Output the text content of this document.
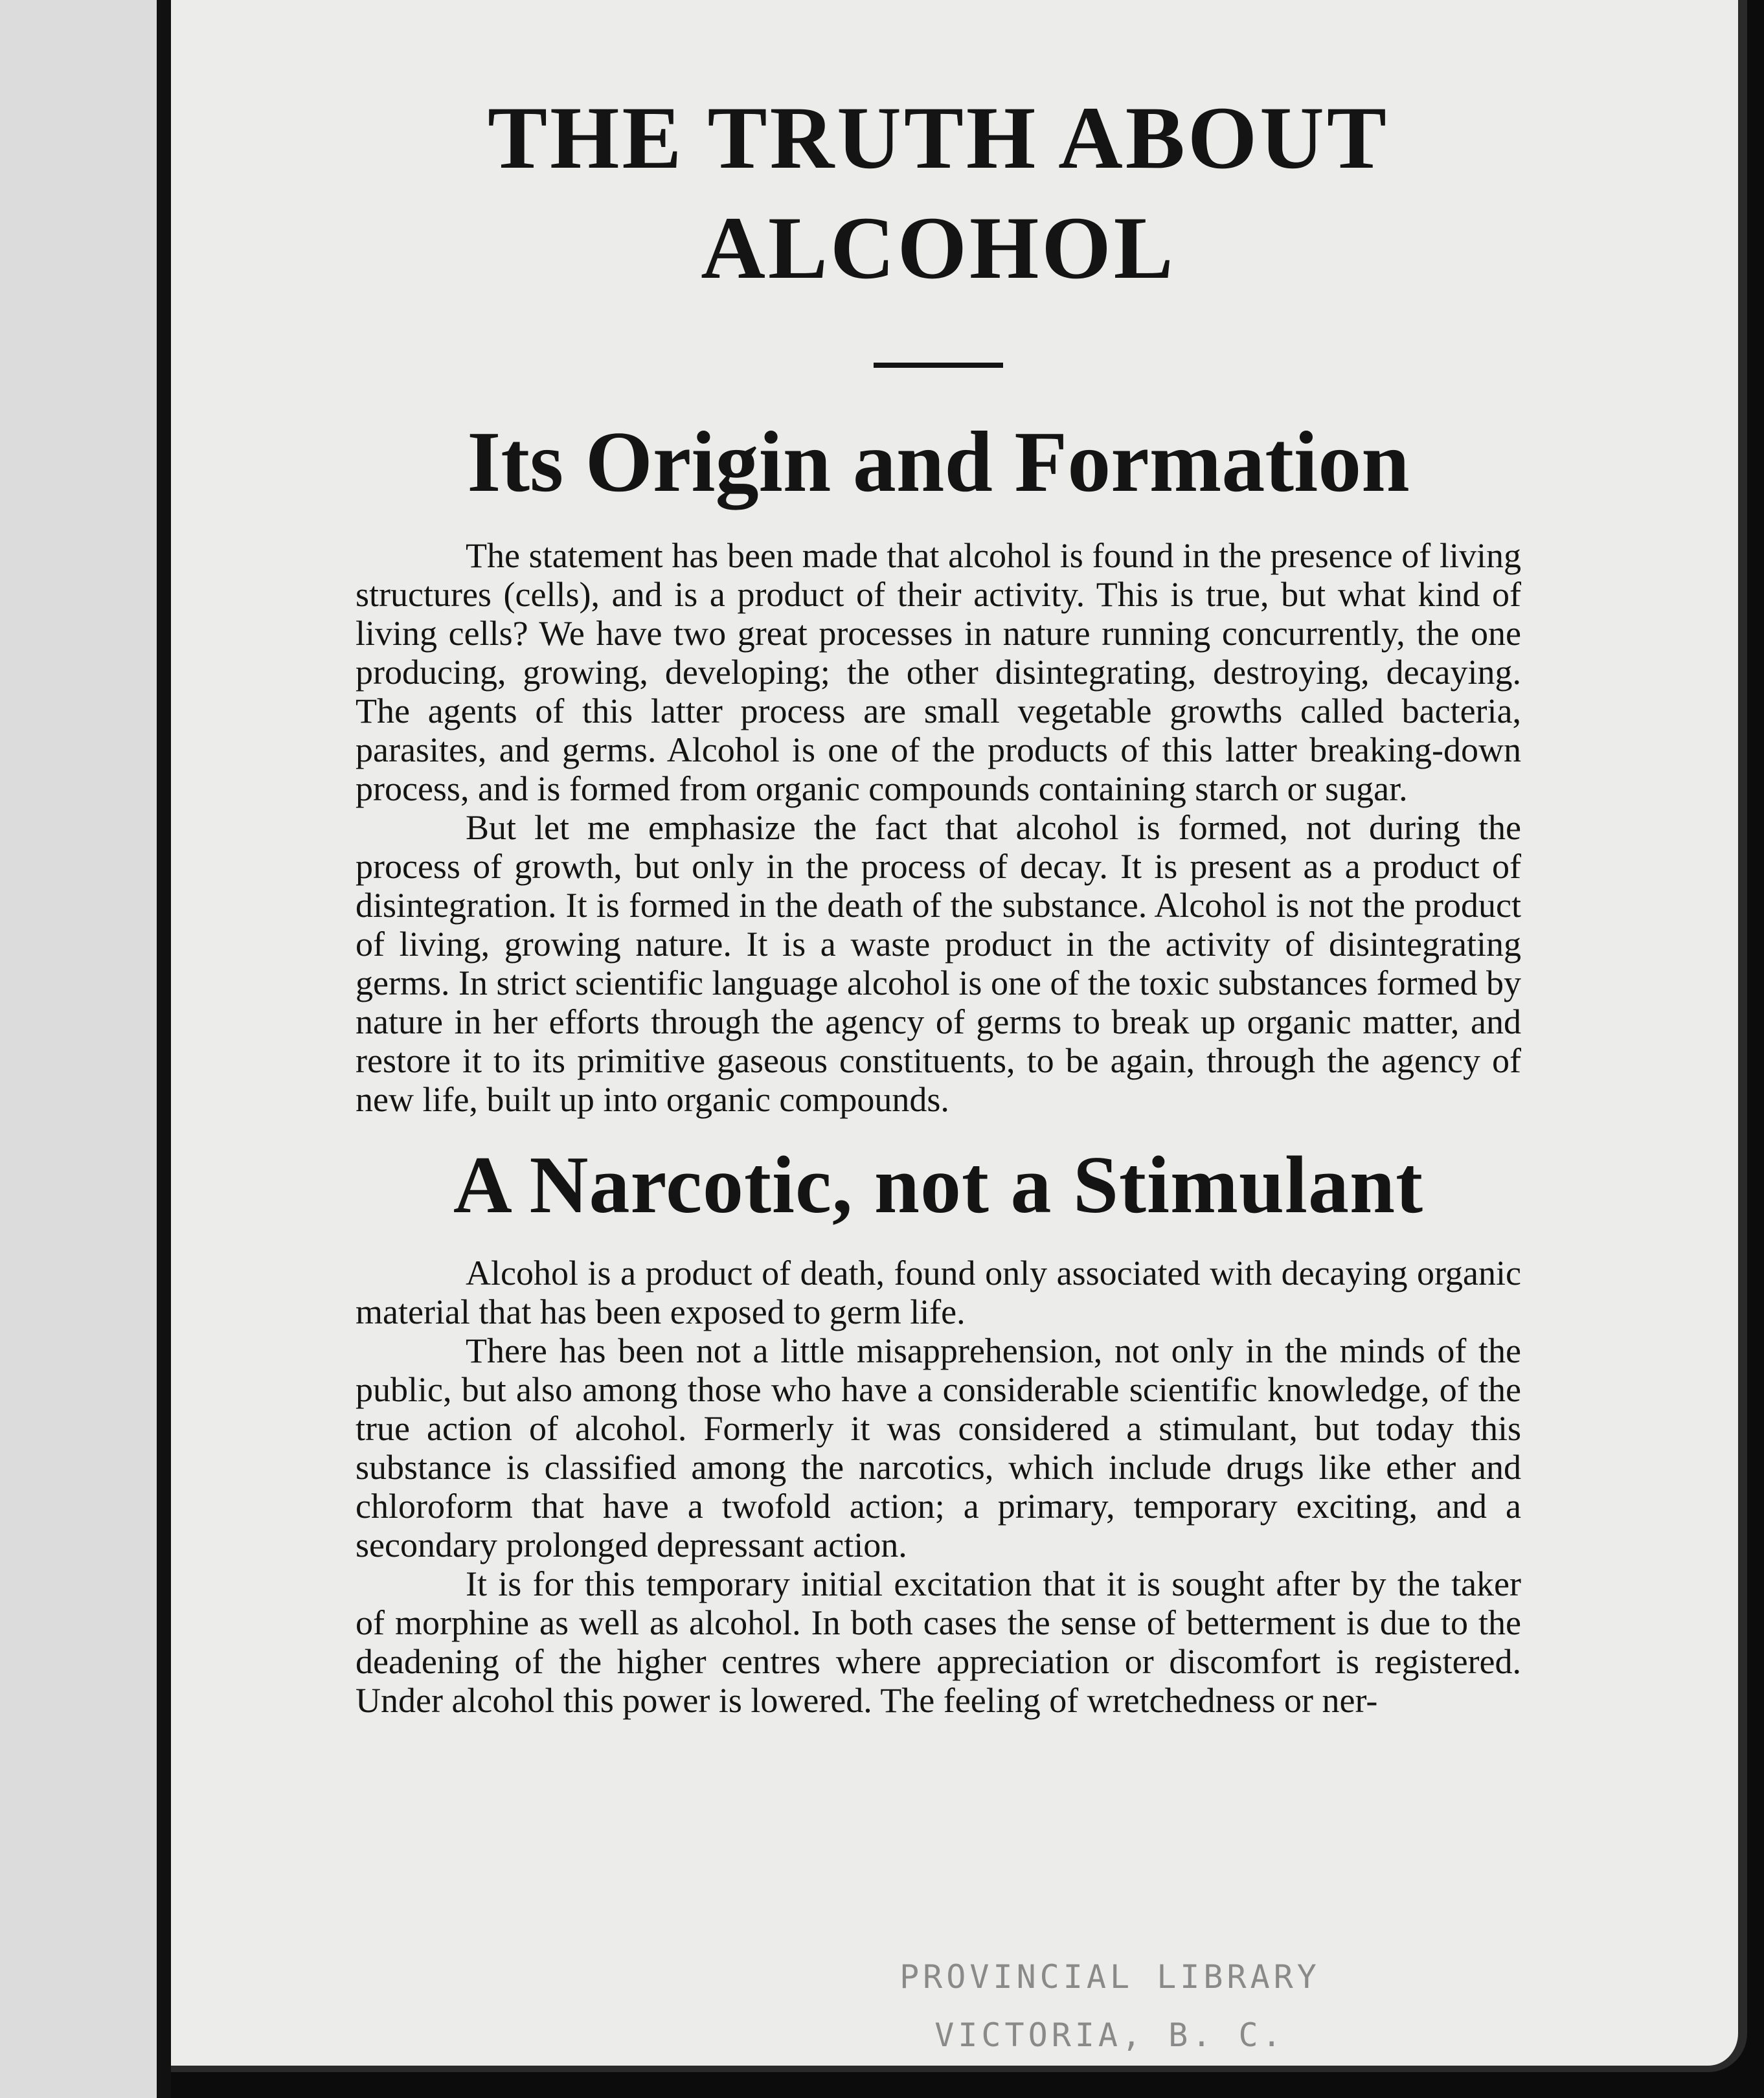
THE TRUTH ABOUT
ALCOHOL
Its Origin and Formation

The statement has been made that alcohol is found in the presence of living structures (cells), and is a product of their activity. This is true, but what kind of living cells? We have two great processes in nature running concurrently, the one producing, growing, developing; the other disintegrating, destroying, decaying. The agents of this latter process are small vegetable growths called bacteria, parasites, and germs. Alcohol is one of the products of this latter breaking-down process, and is formed from organic compounds containing starch or sugar.

But let me emphasize the fact that alcohol is formed, not during the process of growth, but only in the process of decay. It is present as a product of disintegration. It is formed in the death of the substance. Alcohol is not the product of living, growing nature. It is a waste product in the activity of disintegrating germs. In strict scientific language alcohol is one of the toxic substances formed by nature in her efforts through the agency of germs to break up organic matter, and restore it to its primitive gaseous constituents, to be again, through the agency of new life, built up into organic compounds.

A Narcotic, not a Stimulant

Alcohol is a product of death, found only associated with decaying organic material that has been exposed to germ life.

There has been not a little misapprehension, not only in the minds of the public, but also among those who have a considerable scientific knowledge, of the true action of alcohol. Formerly it was considered a stimulant, but today this substance is classified among the narcotics, which include drugs like ether and chloroform that have a twofold action; a primary, temporary exciting, and a secondary prolonged depressant action.

It is for this temporary initial excitation that it is sought after by the taker of morphine as well as alcohol. In both cases the sense of betterment is due to the deadening of the higher centres where appreciation or discomfort is registered. Under alcohol this power is lowered. The feeling of wretchedness or ner-

PROVINCIAL LIBRARY
VICTORIA, B. C.
